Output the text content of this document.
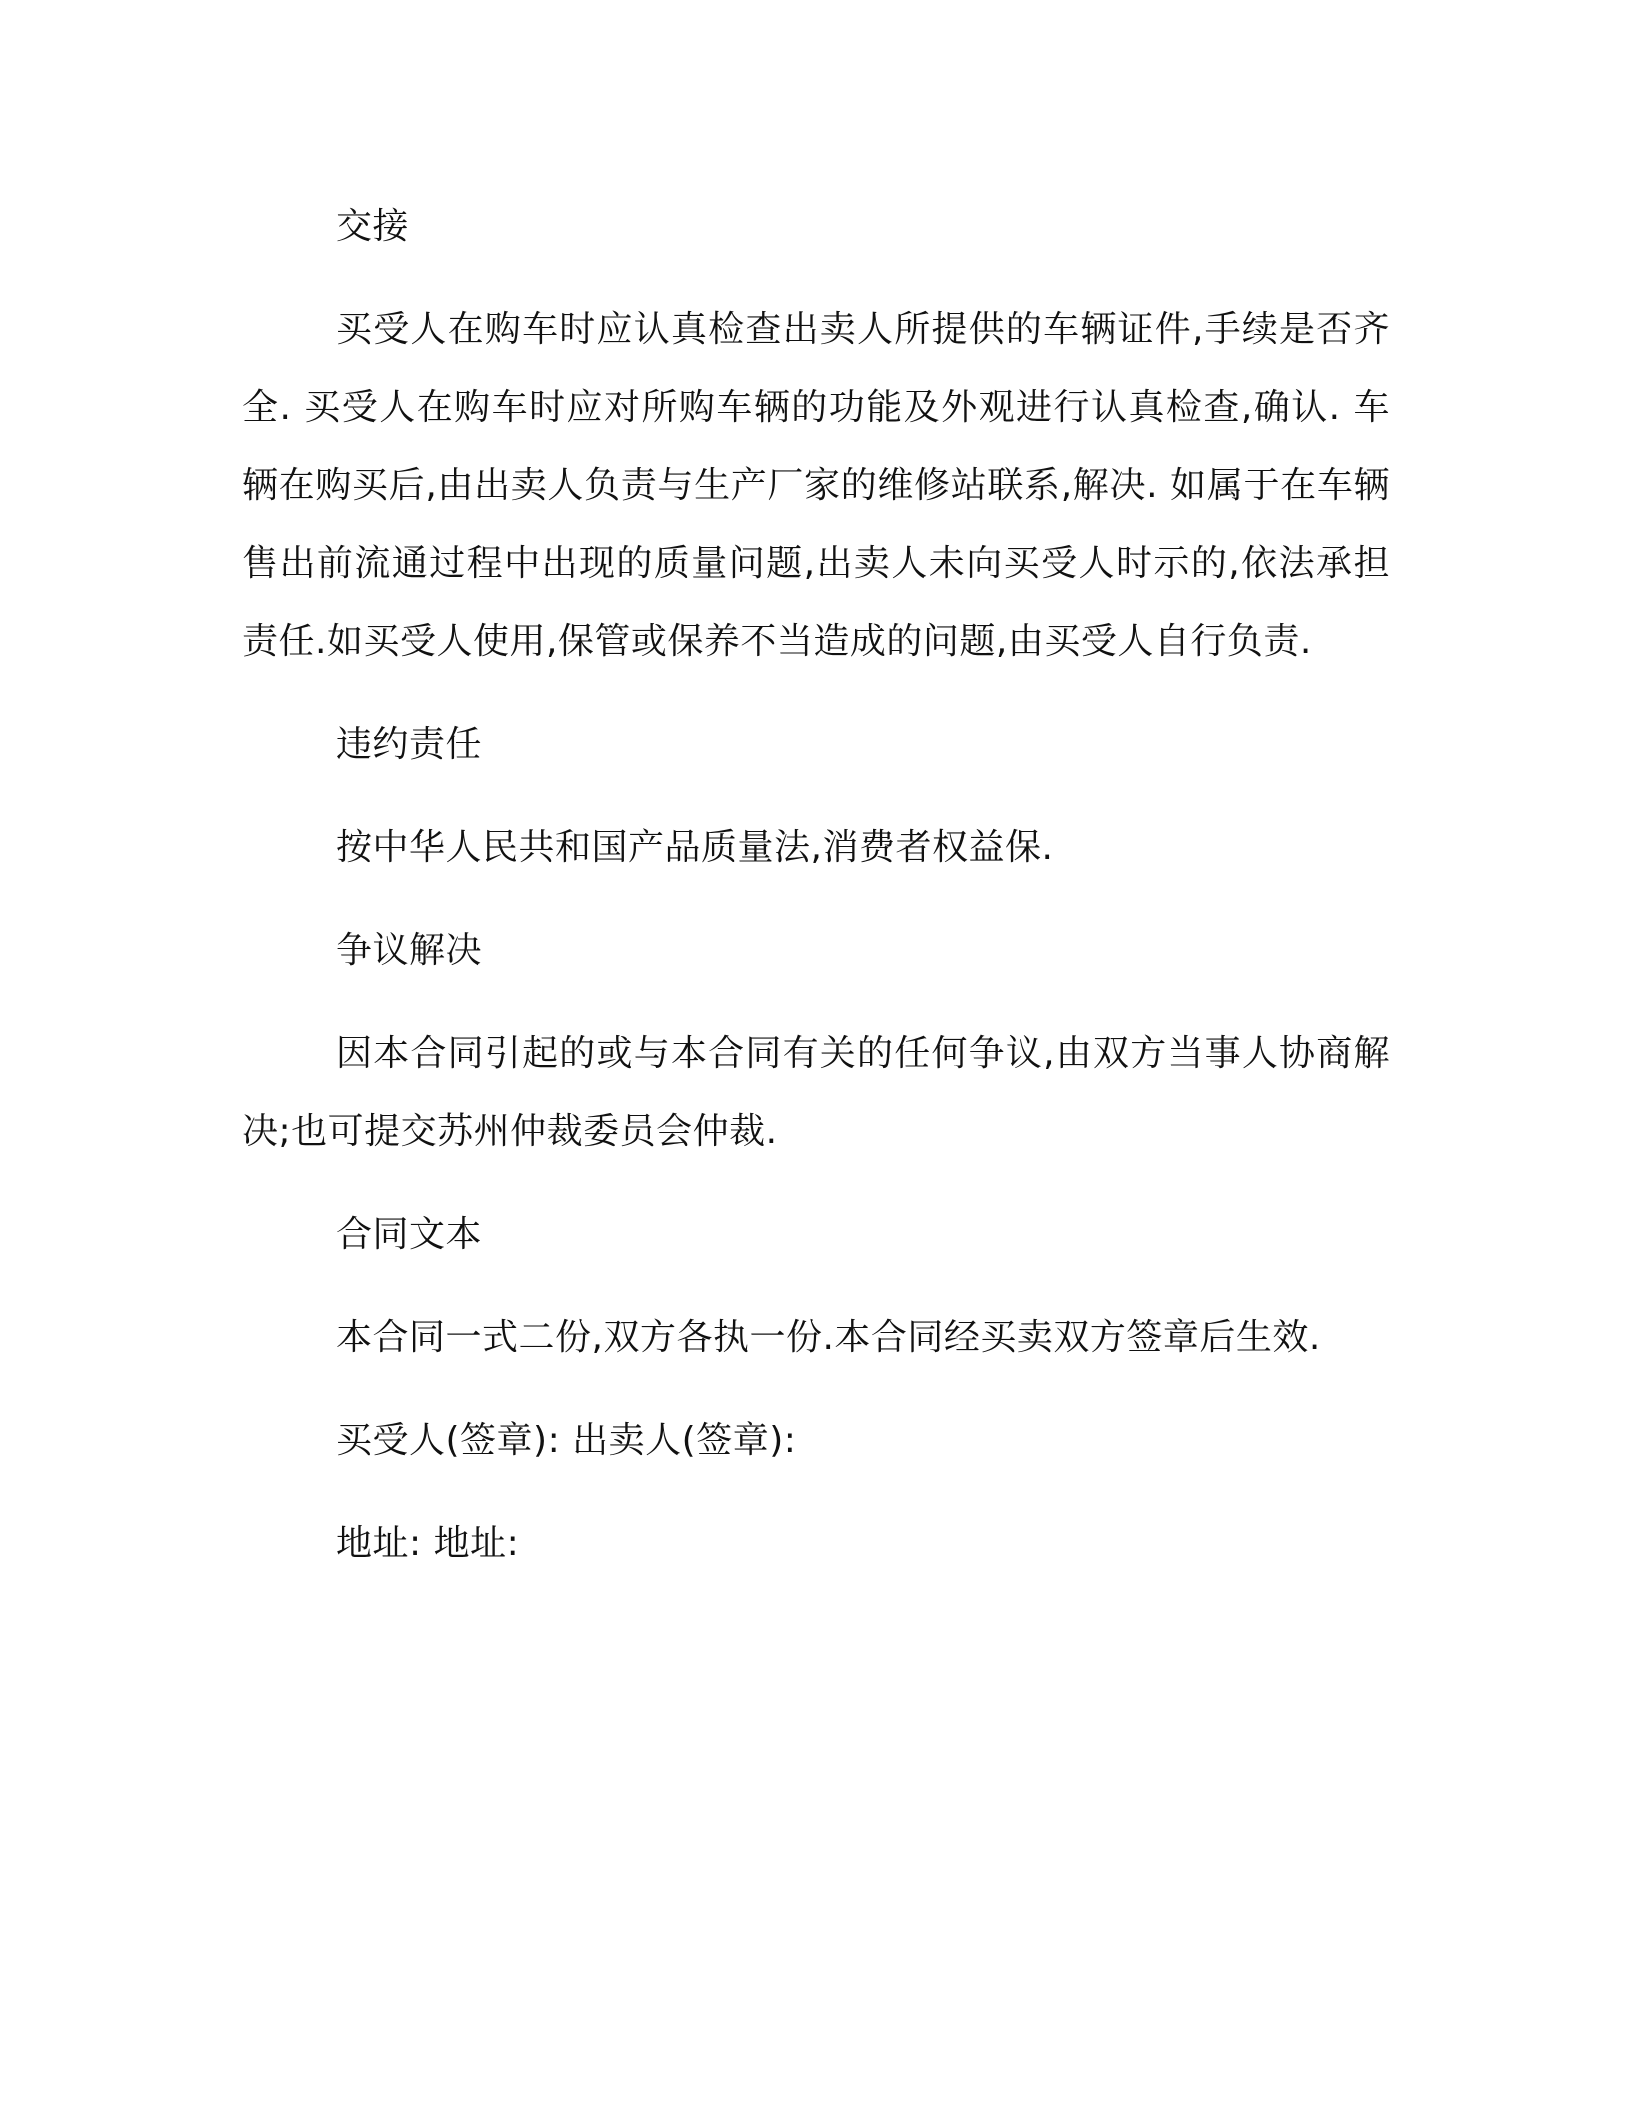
交接

买受人在购车时应认真检查出卖人所提供的车辆证件,手续是否齐全. 买受人在购车时应对所购车辆的功能及外观进行认真检查,确认. 车辆在购买后,由出卖人负责与生产厂家的维修站联系,解决. 如属于在车辆售出前流通过程中出现的质量问题,出卖人未向买受人时示的,依法承担责任.如买受人使用,保管或保养不当造成的问题,由买受人自行负责.

违约责任

按中华人民共和国产品质量法,消费者权益保.

争议解决

因本合同引起的或与本合同有关的任何争议,由双方当事人协商解决;也可提交苏州仲裁委员会仲裁.

合同文本

本合同一式二份,双方各执一份.本合同经买卖双方签章后生效.

买受人(签章): 出卖人(签章):

地址: 地址:
